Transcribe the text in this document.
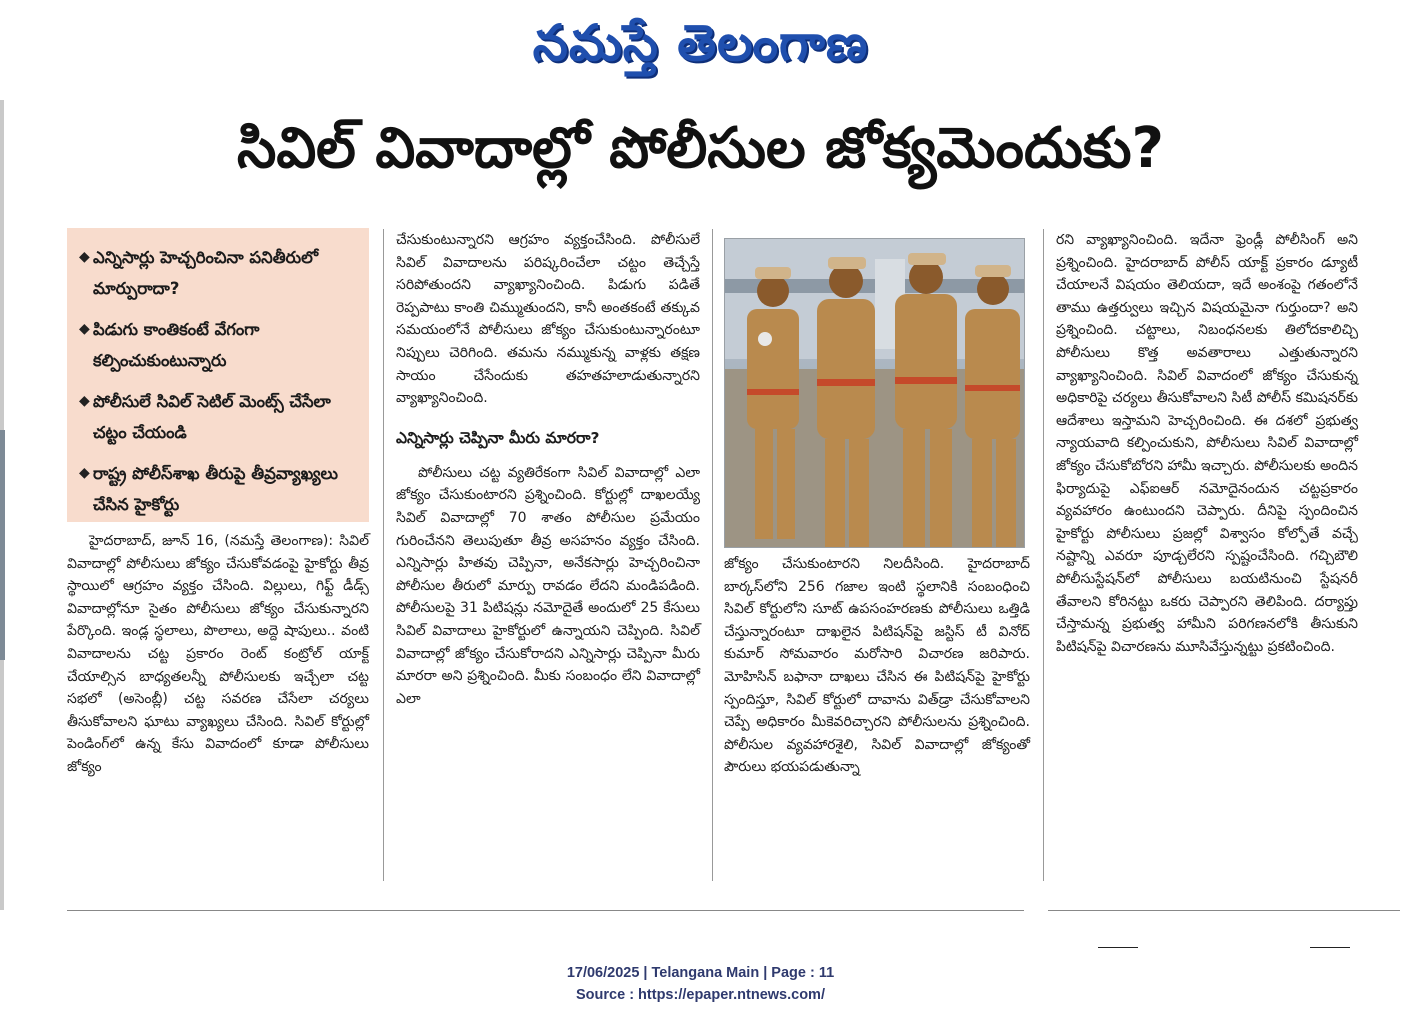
నమస్తే తెలంగాణ
సివిల్ వివాదాల్లో పోలీసుల జోక్యమెందుకు?
◆ ఎన్నిసార్లు హెచ్చరించినా పనితీరులో మార్పురాదా?
◆ పిడుగు కాంతికంటే వేగంగా కల్పించుకుంటున్నారు
◆ పోలీసులే సివిల్ సెటిల్ మెంట్స్ చేసేలా చట్టం చేయండి
◆ రాష్ట్ర పోలీస్‌శాఖ తీరుపై తీవ్రవ్యాఖ్యలు చేసిన హైకోర్టు

హైదరాబాద్, జూన్ 16, (నమస్తే తెలంగాణ): సివిల్ వివాదాల్లో పోలీసులు జోక్యం చేసుకోవడంపై హైకోర్టు తీవ్ర స్థాయిలో ఆగ్రహం వ్యక్తం చేసింది. విల్లులు, గిఫ్ట్ డీడ్స్ వివాదాల్లోనూ సైతం పోలీసులు జోక్యం చేసుకున్నారని పేర్కొంది. ఇండ్ల స్థలాలు, పొలాలు, అద్దె షాపులు.. వంటి వివాదాలను చట్ట ప్రకారం రెంట్ కంట్రోల్ యాక్ట్ చేయాల్సిన బాధ్యతలన్నీ పోలీసులకు ఇచ్చేలా చట్ట సభలో (అసెంబ్లీ) చట్ట సవరణ చేసేలా చర్యలు తీసుకోవాలని ఘాటు వ్యాఖ్యలు చేసింది. సివిల్ కోర్టుల్లో పెండింగ్‌లో ఉన్న కేసు వివాదంలో కూడా పోలీసులు జోక్యం

చేసుకుంటున్నారని ఆగ్రహం వ్యక్తంచేసింది. పోలీసులే సివిల్ వివాదాలను పరిష్కరించేలా చట్టం తెచ్చేస్తే సరిపోతుందని వ్యాఖ్యానించింది. పిడుగు పడితే రెప్పపాటు కాంతి చిమ్ముతుందని, కానీ అంతకంటే తక్కువ సమయంలోనే పోలీసులు జోక్యం చేసుకుంటున్నారంటూ నిప్పులు చెరిగింది. తమను నమ్ముకున్న వాళ్లకు తక్షణ సాయం చేసేందుకు తహతహలాడుతున్నారని వ్యాఖ్యానించింది.

ఎన్నిసార్లు చెప్పినా మీరు మారరా?

పోలీసులు చట్ట వ్యతిరేకంగా సివిల్ వివాదాల్లో ఎలా జోక్యం చేసుకుంటారని ప్రశ్నించింది. కోర్టుల్లో దాఖలయ్యే సివిల్ వివాదాల్లో 70 శాతం పోలీసుల ప్రమేయం గురించేనని తెలుపుతూ తీవ్ర అసహనం వ్యక్తం చేసింది. ఎన్నిసార్లు హితవు చెప్పినా, అనేకసార్లు హెచ్చరించినా పోలీసుల తీరులో మార్పు రావడం లేదని మండిపడింది. పోలీసులపై 31 పిటిషన్లు నమోదైతే అందులో 25 కేసులు సివిల్ వివాదాలు హైకోర్టులో ఉన్నాయని చెప్పింది. సివిల్ వివాదాల్లో జోక్యం చేసుకోరాదని ఎన్నిసార్లు చెప్పినా మీరు మారరా అని ప్రశ్నించింది. మీకు సంబంధం లేని వివాదాల్లో ఎలా

జోక్యం చేసుకుంటారని నిలదీసింది. హైదరాబాద్ బార్కస్‌లోని 256 గజాల ఇంటి స్థలానికి సంబంధించి సివిల్ కోర్టులోని సూట్ ఉపసంహరణకు పోలీసులు ఒత్తిడి చేస్తున్నారంటూ దాఖలైన పిటిషన్‌పై జస్టిస్ టీ వినోద్ కుమార్ సోమవారం మరోసారి విచారణ జరిపారు. మోహిసిన్ బఫానా దాఖలు చేసిన ఈ పిటిషన్‌పై హైకోర్టు స్పందిస్తూ, సివిల్ కోర్టులో దావాను విత్‌డ్రా చేసుకోవాలని చెప్పే అధికారం మీకెవరిచ్చారని పోలీసులను ప్రశ్నించింది. పోలీసుల వ్యవహారశైలి, సివిల్ వివాదాల్లో జోక్యంతో పౌరులు భయపడుతున్నా

రని వ్యాఖ్యానించింది. ఇదేనా ఫ్రెండ్లీ పోలీసింగ్ అని ప్రశ్నించింది. హైదరాబాద్ పోలీస్ యాక్ట్ ప్రకారం డ్యూటీ చేయాలనే విషయం తెలియదా, ఇదే అంశంపై గతంలోనే తాము ఉత్తర్వులు ఇచ్చిన విషయమైనా గుర్తుందా? అని ప్రశ్నించింది. చట్టాలు, నిబంధనలకు తిలోదకాలిచ్చి పోలీసులు కొత్త అవతారాలు ఎత్తుతున్నారని వ్యాఖ్యానించింది. సివిల్ వివాదంలో జోక్యం చేసుకున్న అధికారిపై చర్యలు తీసుకోవాలని సిటీ పోలీస్ కమిషనర్‌కు ఆదేశాలు ఇస్తామని హెచ్చరించింది. ఈ దశలో ప్రభుత్వ న్యాయవాది కల్పించుకుని, పోలీసులు సివిల్ వివాదాల్లో జోక్యం చేసుకోబోరని హామీ ఇచ్చారు. పోలీసులకు అందిన ఫిర్యాదుపై ఎఫ్ఐఆర్ నమోదైనందున చట్టప్రకారం వ్యవహారం ఉంటుందని చెప్పారు. దీనిపై స్పందించిన హైకోర్టు పోలీసులు ప్రజల్లో విశ్వాసం కోల్పోతే వచ్చే నష్టాన్ని ఎవరూ పూడ్చలేరని స్పష్టంచేసింది. గచ్చిబౌలి పోలీసుస్టేషన్‌లో పోలీసులు బయటినుంచి స్టేషనరీ తేవాలని కోరినట్టు ఒకరు చెప్పారని తెలిపింది. దర్యాప్తు చేస్తామన్న ప్రభుత్వ హామీని పరిగణనలోకి తీసుకుని పిటిషన్‌పై విచారణను మూసివేస్తున్నట్టు ప్రకటించింది.

17/06/2025 | Telangana Main | Page : 11
Source : https://epaper.ntnews.com/
